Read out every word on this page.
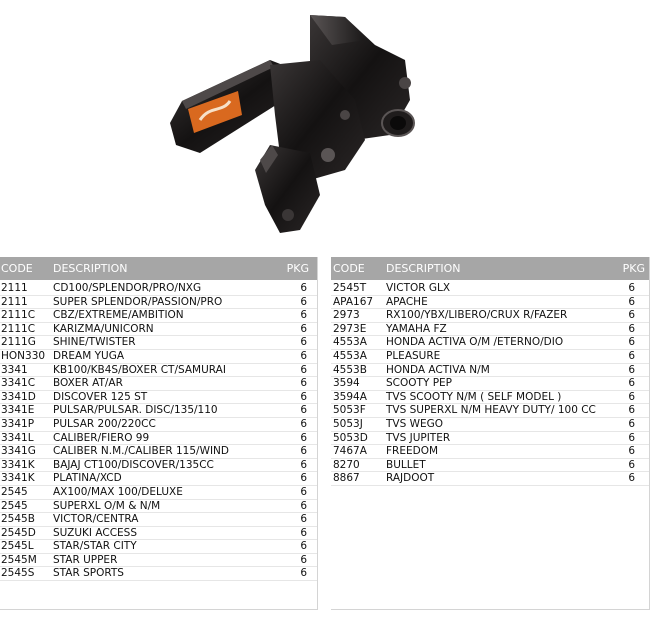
CODE DESCRIPTION	PKG
2111 CD100/SPLENDOR/PRO/NXG	6
2111 SUPER SPLENDOR/PASSION/PRO	6
2111C CBZ/EXTREME/AMBITION	6
2111C KARIZMA/UNICORN	6
2111G SHINE/TWISTER	6
HON330 DREAM YUGA	6
3341 KB100/KB4S/BOXER CT/SAMURAI	6
3341C BOXER AT/AR	6
3341D DISCOVER 125 ST	6
3341E PULSAR/PULSAR. DISC/135/110	6
3341P PULSAR 200/220CC	6
3341L CALIBER/FIERO 99	6
3341G CALIBER N.M./CALIBER 115/WIND	6
3341K BAJAJ CT100/DISCOVER/135CC	6
3341K PLATINA/XCD	6
2545 AX100/MAX 100/DELUXE	6
2545 SUPERXL O/M & N/M	6
2545B VICTOR/CENTRA	6
2545D SUZUKI ACCESS	6
2545L STAR/STAR CITY	6
2545M STAR UPPER	6
2545S STAR SPORTS	6
CODE DESCRIPTION	PKG
2545T VICTOR GLX	6
APA167 APACHE	6
2973	RX100/YBX/LIBERO/CRUX R/FAZER	6
2973E YAMAHA FZ	6
4553A HONDA ACTIVA O/M /ETERNO/DIO	6
4553A PLEASURE	6
4553B HONDA ACTIVA N/M	6
3594	SCOOTY PEP	6
3594A TVS SCOOTY N/M ( SELF MODEL )	6
5053F TVS SUPERXL N/M HEAVY DUTY/ 100 CC	6
5053J TVS WEGO	6
5053D TVS JUPITER	6
7467A FREEDOM	6
8270	BULLET	6
8867	RAJDOOT	6
